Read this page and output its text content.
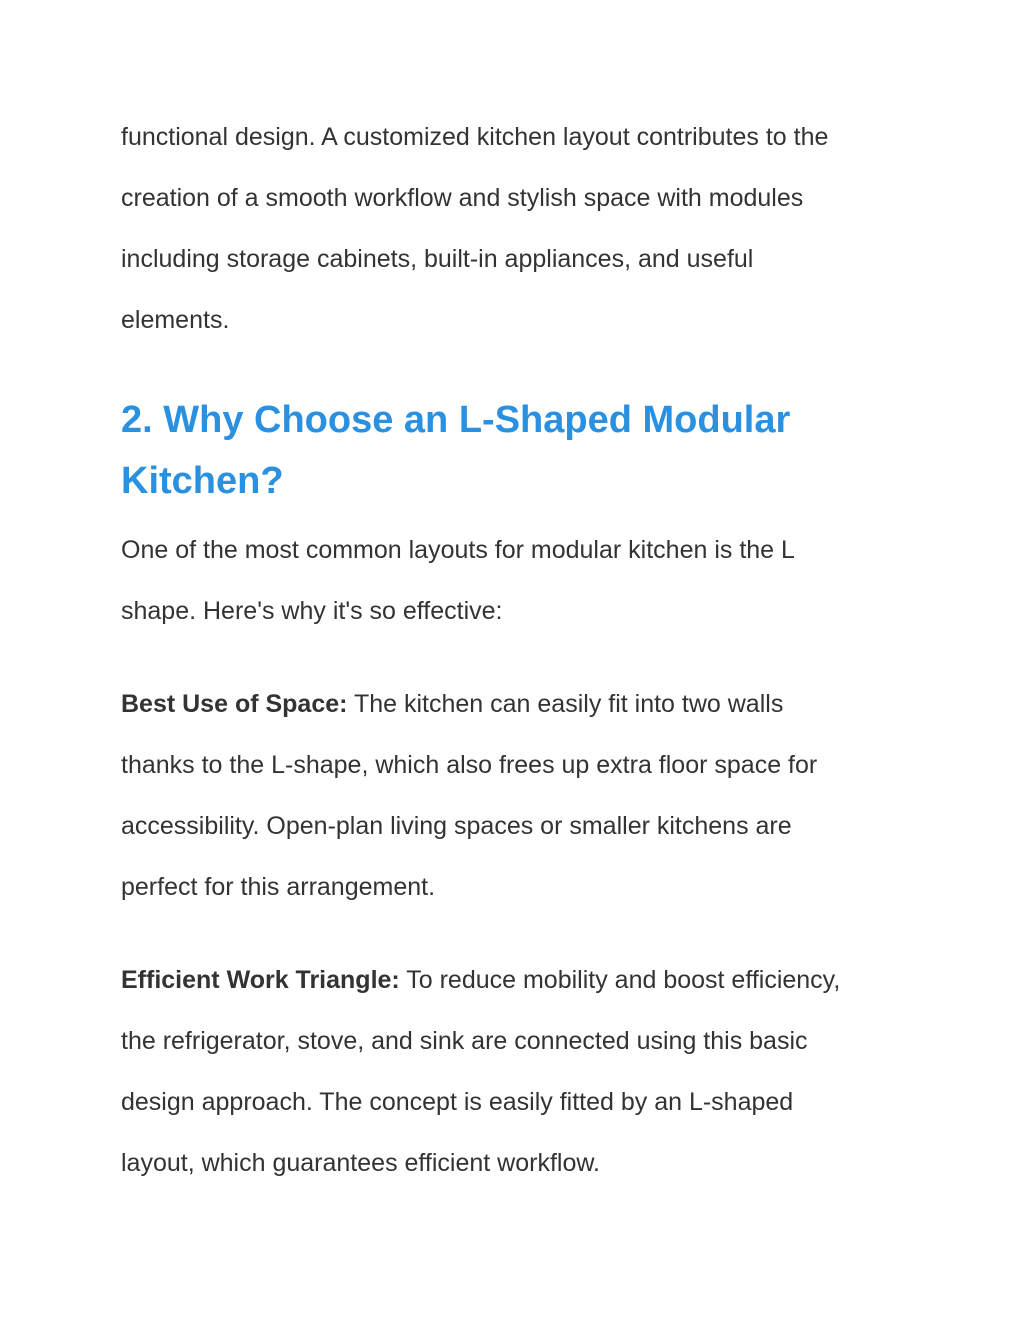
functional design. A customized kitchen layout contributes to the
creation of a smooth workflow and stylish space with modules
including storage cabinets, built-in appliances, and useful
elements.
2. Why Choose an L-Shaped Modular
Kitchen?
One of the most common layouts for modular kitchen is the L
shape. Here's why it's so effective:
Best Use of Space: The kitchen can easily fit into two walls
thanks to the L-shape, which also frees up extra floor space for
accessibility. Open-plan living spaces or smaller kitchens are
perfect for this arrangement.
Efficient Work Triangle: To reduce mobility and boost efficiency,
the refrigerator, stove, and sink are connected using this basic
design approach. The concept is easily fitted by an L-shaped
layout, which guarantees efficient workflow.
